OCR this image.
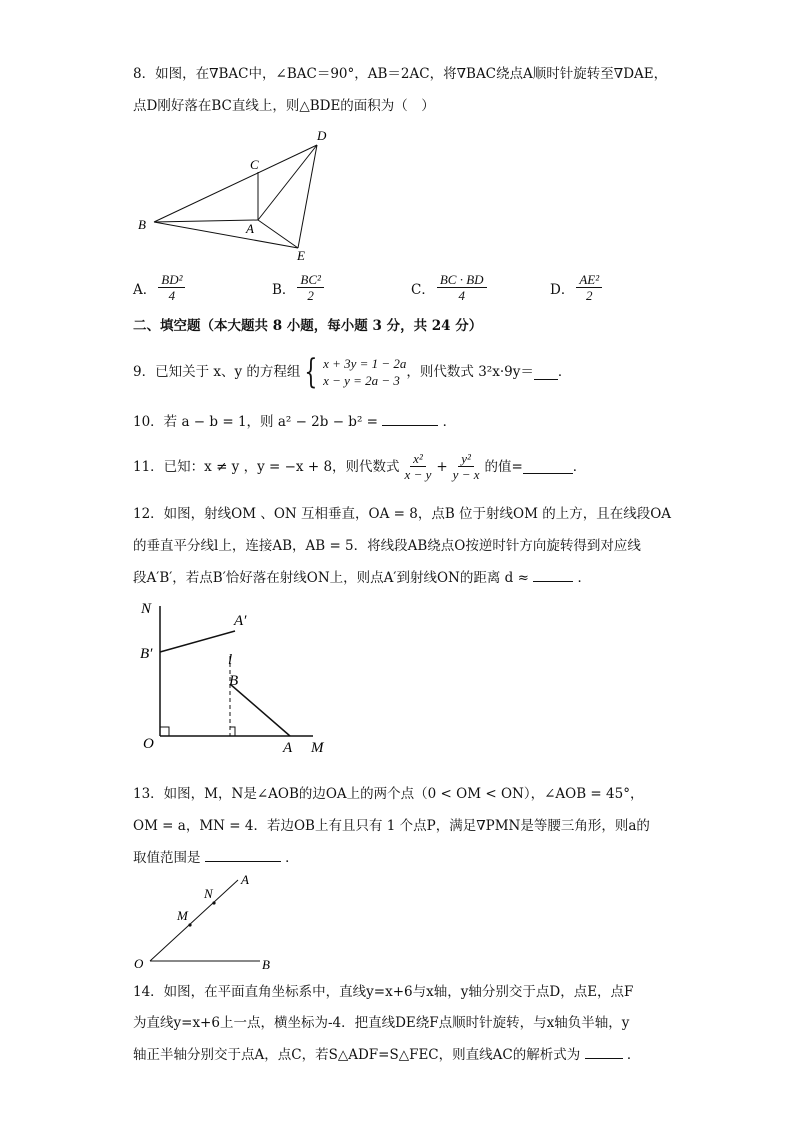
8．如图，在∇BAC中，∠BAC＝90°，AB＝2AC，将∇BAC绕点A顺时针旋转至∇DAE，
点D刚好落在BC直线上，则△BDE的面积为（　）
B
C
D
A
E
A． $\frac{\text{BD²}}{4}$	B． $\frac{\text{BC²}}{2}$	C． $\frac{BC \cdot BD}{4}$	D． $\frac{\text{AE²}}{2}$
二、填空题（本大题共 8 小题，每小题 3 分，共 24 分）
9．已知关于 x、y 的方程组 { x + 3y = 1 − 2a
x − y = 2a − 3
，则代数式 3²x·9y＝ ．
10．若 a − b = 1，则 a² − 2b − b² =	．
11．已知：x ≠ y ，y = −x + 8，则代数式 $\frac{\text{x²}}{x - y} + \frac{\text{y²}}{y - x}$ 的值=	．
12．如图，射线OM 、ON 互相垂直，OA = 8，点B 位于射线OM 的上方，且在线段OA
的垂直平分线l上，连接AB，AB = 5．将线段AB绕点O按逆时针方向旋转得到对应线
段A′B′，若点B′恰好落在射线ON上，则点A′到射线ON的距离 d ≈	．
N
A′
B′	l
B
O	A M
13．如图，M，N是∠AOB的边OA上的两个点（0 < OM < ON），∠AOB = 45°，
OM = a，MN = 4．若边OB上有且只有 1 个点P，满足∇PMN是等腰三角形，则a的
取值范围是	．
A
N
M
O	B
14．如图，在平面直角坐标系中，直线y=x+6与x轴，y轴分别交于点D，点E，点F
为直线y=x+6上一点，横坐标为-4．把直线DE绕F点顺时针旋转，与x轴负半轴，y
轴正半轴分别交于点A，点C，若S△ADF=S△FEC，则直线AC的解析式为	．
